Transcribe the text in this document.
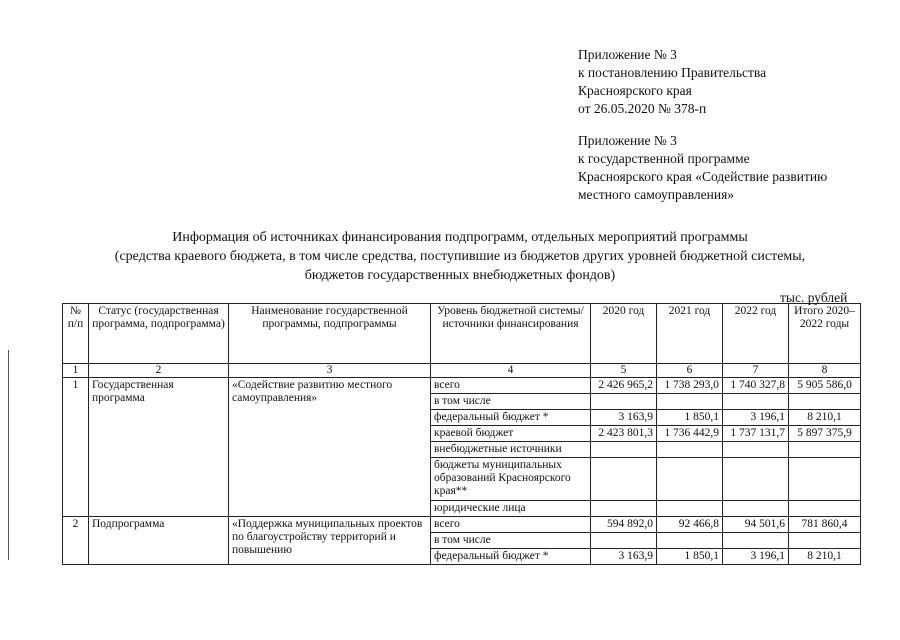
Приложение № 3
к постановлению Правительства
Красноярского края
от 26.05.2020 № 378-п
Приложение № 3
к государственной программе
Красноярского края «Содействие развитию
местного самоуправления»
Информация об источниках финансирования подпрограмм, отдельных мероприятий программы
(средства краевого бюджета, в том числе средства, поступившие из бюджетов других уровней бюджетной системы,
бюджетов государственных внебюджетных фондов)
тыс. рублей
№ п/п	Статус (государственная программа, подпрограмма)	Наименование государственной программы, подпрограммы	Уровень бюджетной системы/источники финансирования	2020 год	2021 год	2022 год	Итого 2020–2022 годы
1	2	3	4	5	6	7	8
1	Государственная программа	«Содействие развитию местного самоуправления»	всего	2 426 965,2	1 738 293,0	1 740 327,8	5 905 586,0
			в том числе				
			федеральный бюджет *	3 163,9	1 850,1	3 196,1	8 210,1
			краевой бюджет	2 423 801,3	1 736 442,9	1 737 131,7	5 897 375,9
			внебюджетные источники				
			бюджеты муниципальных образований Красноярского края**				
			юридические лица				
2	Подпрограмма	«Поддержка муниципальных проектов по благоустройству территорий и повышению	всего	594 892,0	92 466,8	94 501,6	781 860,4
			в том числе				
			федеральный бюджет *	3 163,9	1 850,1	3 196,1	8 210,1
